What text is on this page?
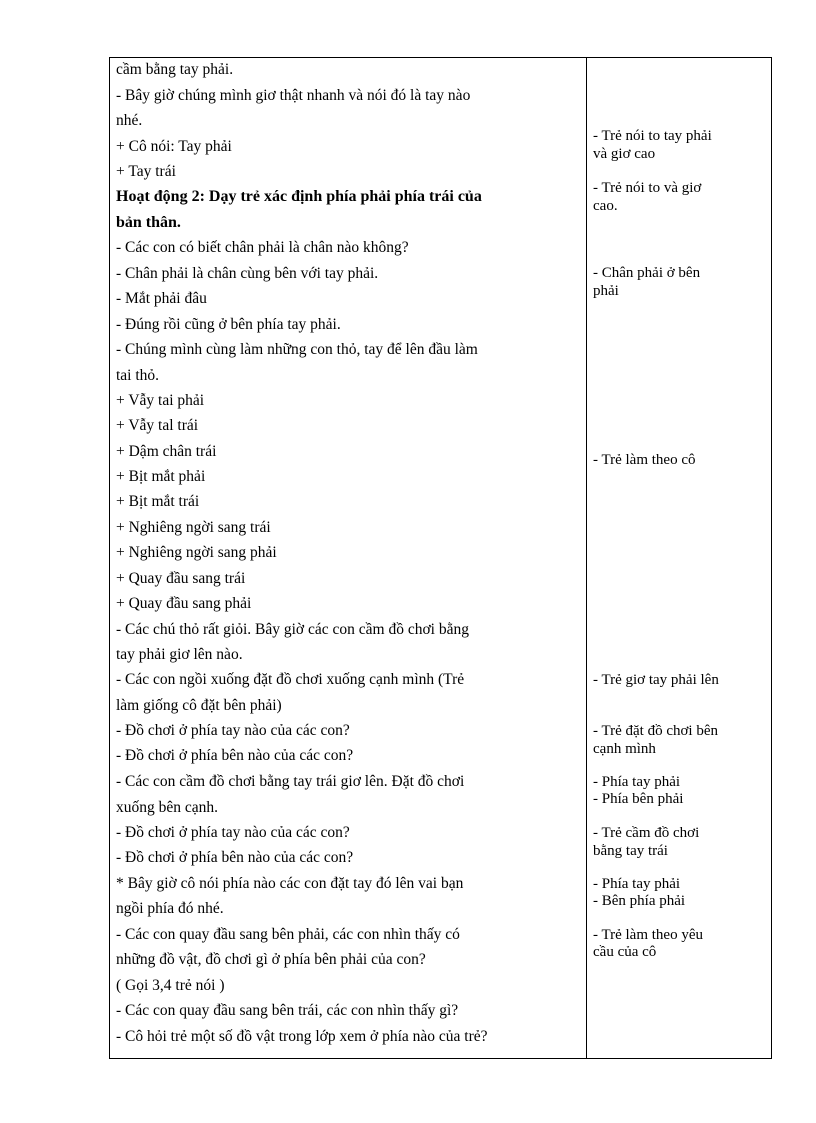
cầm bằng tay phải.
- Bây giờ chúng mình giơ thật nhanh và nói đó là tay nào
nhé.
+ Cô nói: Tay phải
+ Tay trái
Hoạt động 2: Dạy trẻ xác định phía phải phía trái của
bản thân.
- Các con có biết chân phải là chân nào không?
- Chân phải là chân cùng bên với tay phải.
- Mắt phải đâu
- Đúng rồi cũng ở bên phía tay phải.
- Chúng mình cùng làm những con thỏ, tay để lên đầu làm
tai thỏ.
+ Vẫy tai phải
+ Vẫy tal trái
+ Dậm chân trái
+ Bịt mắt phải
+ Bịt mắt trái
+ Nghiêng ngời sang trái
+ Nghiêng ngời sang phải
+ Quay đầu sang trái
+ Quay đầu sang phải
- Các chú thỏ rất giỏi. Bây giờ các con cầm đồ chơi bằng
tay phải giơ lên nào.
- Các con ngồi xuống đặt đồ chơi xuống cạnh mình (Trẻ
làm giống cô đặt bên phải)
- Đồ chơi ở phía tay nào của các con?
- Đồ chơi ở phía bên nào của các con?
- Các con cầm đồ chơi bằng tay trái giơ lên. Đặt đồ chơi
xuống bên cạnh.
- Đồ chơi ở phía tay nào của các con?
- Đồ chơi ở phía bên nào của các con?
* Bây giờ cô nói phía nào các con đặt tay đó lên vai bạn
ngồi phía đó nhé.
- Các con quay đầu sang bên phải, các con nhìn thấy có
những đồ vật, đồ chơi gì ở phía bên phải của con?
( Gọi 3,4 trẻ nói )
- Các con quay đầu sang bên trái, các con nhìn thấy gì?
- Cô hỏi trẻ một số đồ vật trong lớp xem ở phía nào của trẻ?
- Trẻ nói to tay phải
và giơ cao
- Trẻ nói to và giơ
cao.
- Chân phải ở bên
phải
- Trẻ làm theo cô
- Trẻ giơ tay phải lên
- Trẻ đặt đồ chơi bên
cạnh mình
- Phía tay phải
- Phía bên phải
- Trẻ cầm đồ chơi
bằng tay trái
- Phía tay phải
- Bên phía phải
- Trẻ làm theo yêu
cầu của cô
